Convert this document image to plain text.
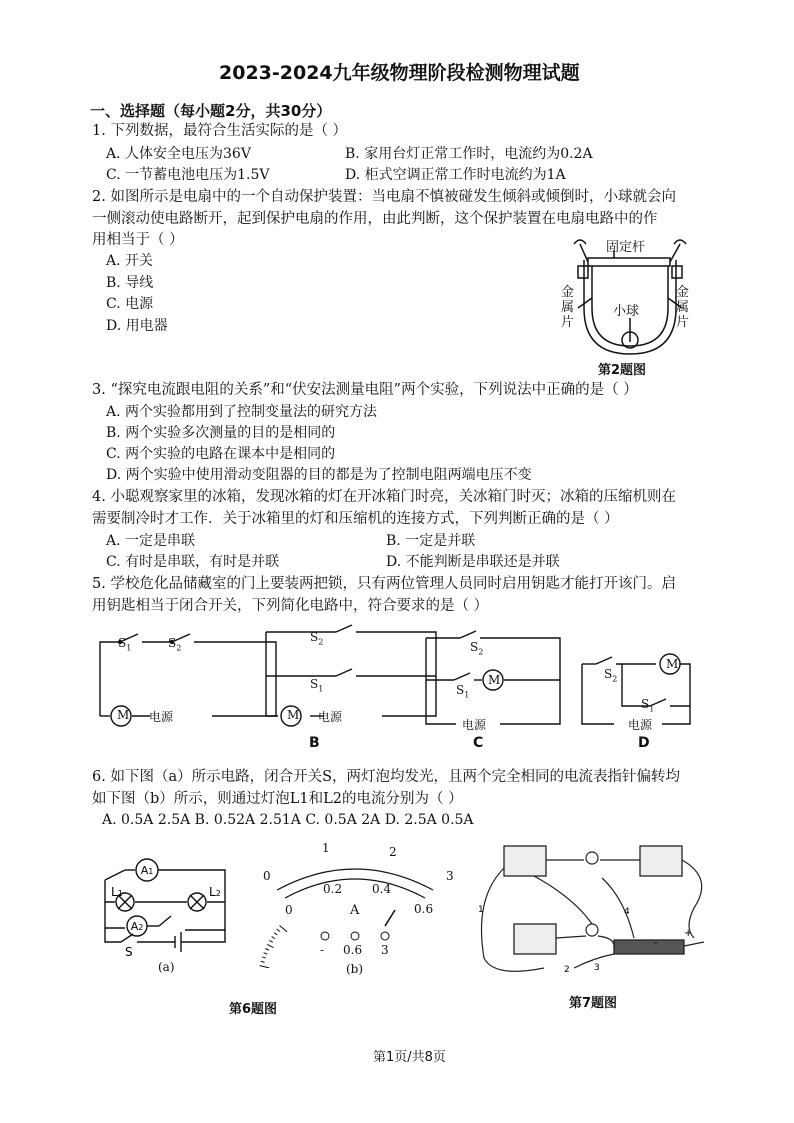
2023-2024九年级物理阶段检测物理试题
一、选择题（每小题2分，共30分）
1. 下列数据，最符合生活实际的是（ ）
A. 人体安全电压为36V	B. 家用台灯正常工作时，电流约为0.2A
C. 一节蓄电池电压为1.5V	D. 柜式空调正常工作时电流约为1A
2. 如图所示是电扇中的一个自动保护装置：当电扇不慎被碰发生倾斜或倾倒时，小球就会向
一侧滚动使电路断开，起到保护电扇的作用，由此判断，这个保护装置在电扇电路中的作
用相当于（ ）
A. 开关
B. 导线
C. 电源
D. 用电器
固定杆
金
属
片
金
属
片
小球
第2题图
3. “探究电流跟电阻的关系”和“伏安法测量电阻”两个实验，下列说法中正确的是（ ）
A. 两个实验都用到了控制变量法的研究方法
B. 两个实验多次测量的目的是相同的
C. 两个实验的电路在课本中是相同的
D. 两个实验中使用滑动变阻器的目的都是为了控制电阻两端电压不变
4. 小聪观察家里的冰箱，发现冰箱的灯在开冰箱门时亮，关冰箱门时灭；冰箱的压缩机则在
需要制冷时才工作．关于冰箱里的灯和压缩机的连接方式，下列判断正确的是（ ）
A. 一定是串联	B. 一定是并联
C. 有时是串联，有时是并联	D. 不能判断是串联还是并联
5. 学校危化品储藏室的门上要装两把锁，只有两位管理人员同时启用钥匙才能打开该门。启
用钥匙相当于闭合开关，下列简化电路中，符合要求的是（ ）
$S_1$	$S_2$
M 电源
$S_2$
$S_1$
M 电源
B
$S_2$
$S_1$
M
电源
C
$S_2$
$S_1$
M
电源
D
6. 如下图（a）所示电路，闭合开关S，两灯泡均发光，且两个完全相同的电流表指针偏转均
如下图（b）所示，则通过灯泡L1和L2的电流分别为（ ）
A. 0.5A 2.5A B. 0.52A 2.51A C. 0.5A 2A D. 2.5A 0.5A
A1
A2
L1	L2
S
(a)
0
1	2
3
0
0.2 0.4
0.6
A
- 0.6 3
(b)
1
2	3
4
-
+
第6题图	第7题图
第1页/共8页
